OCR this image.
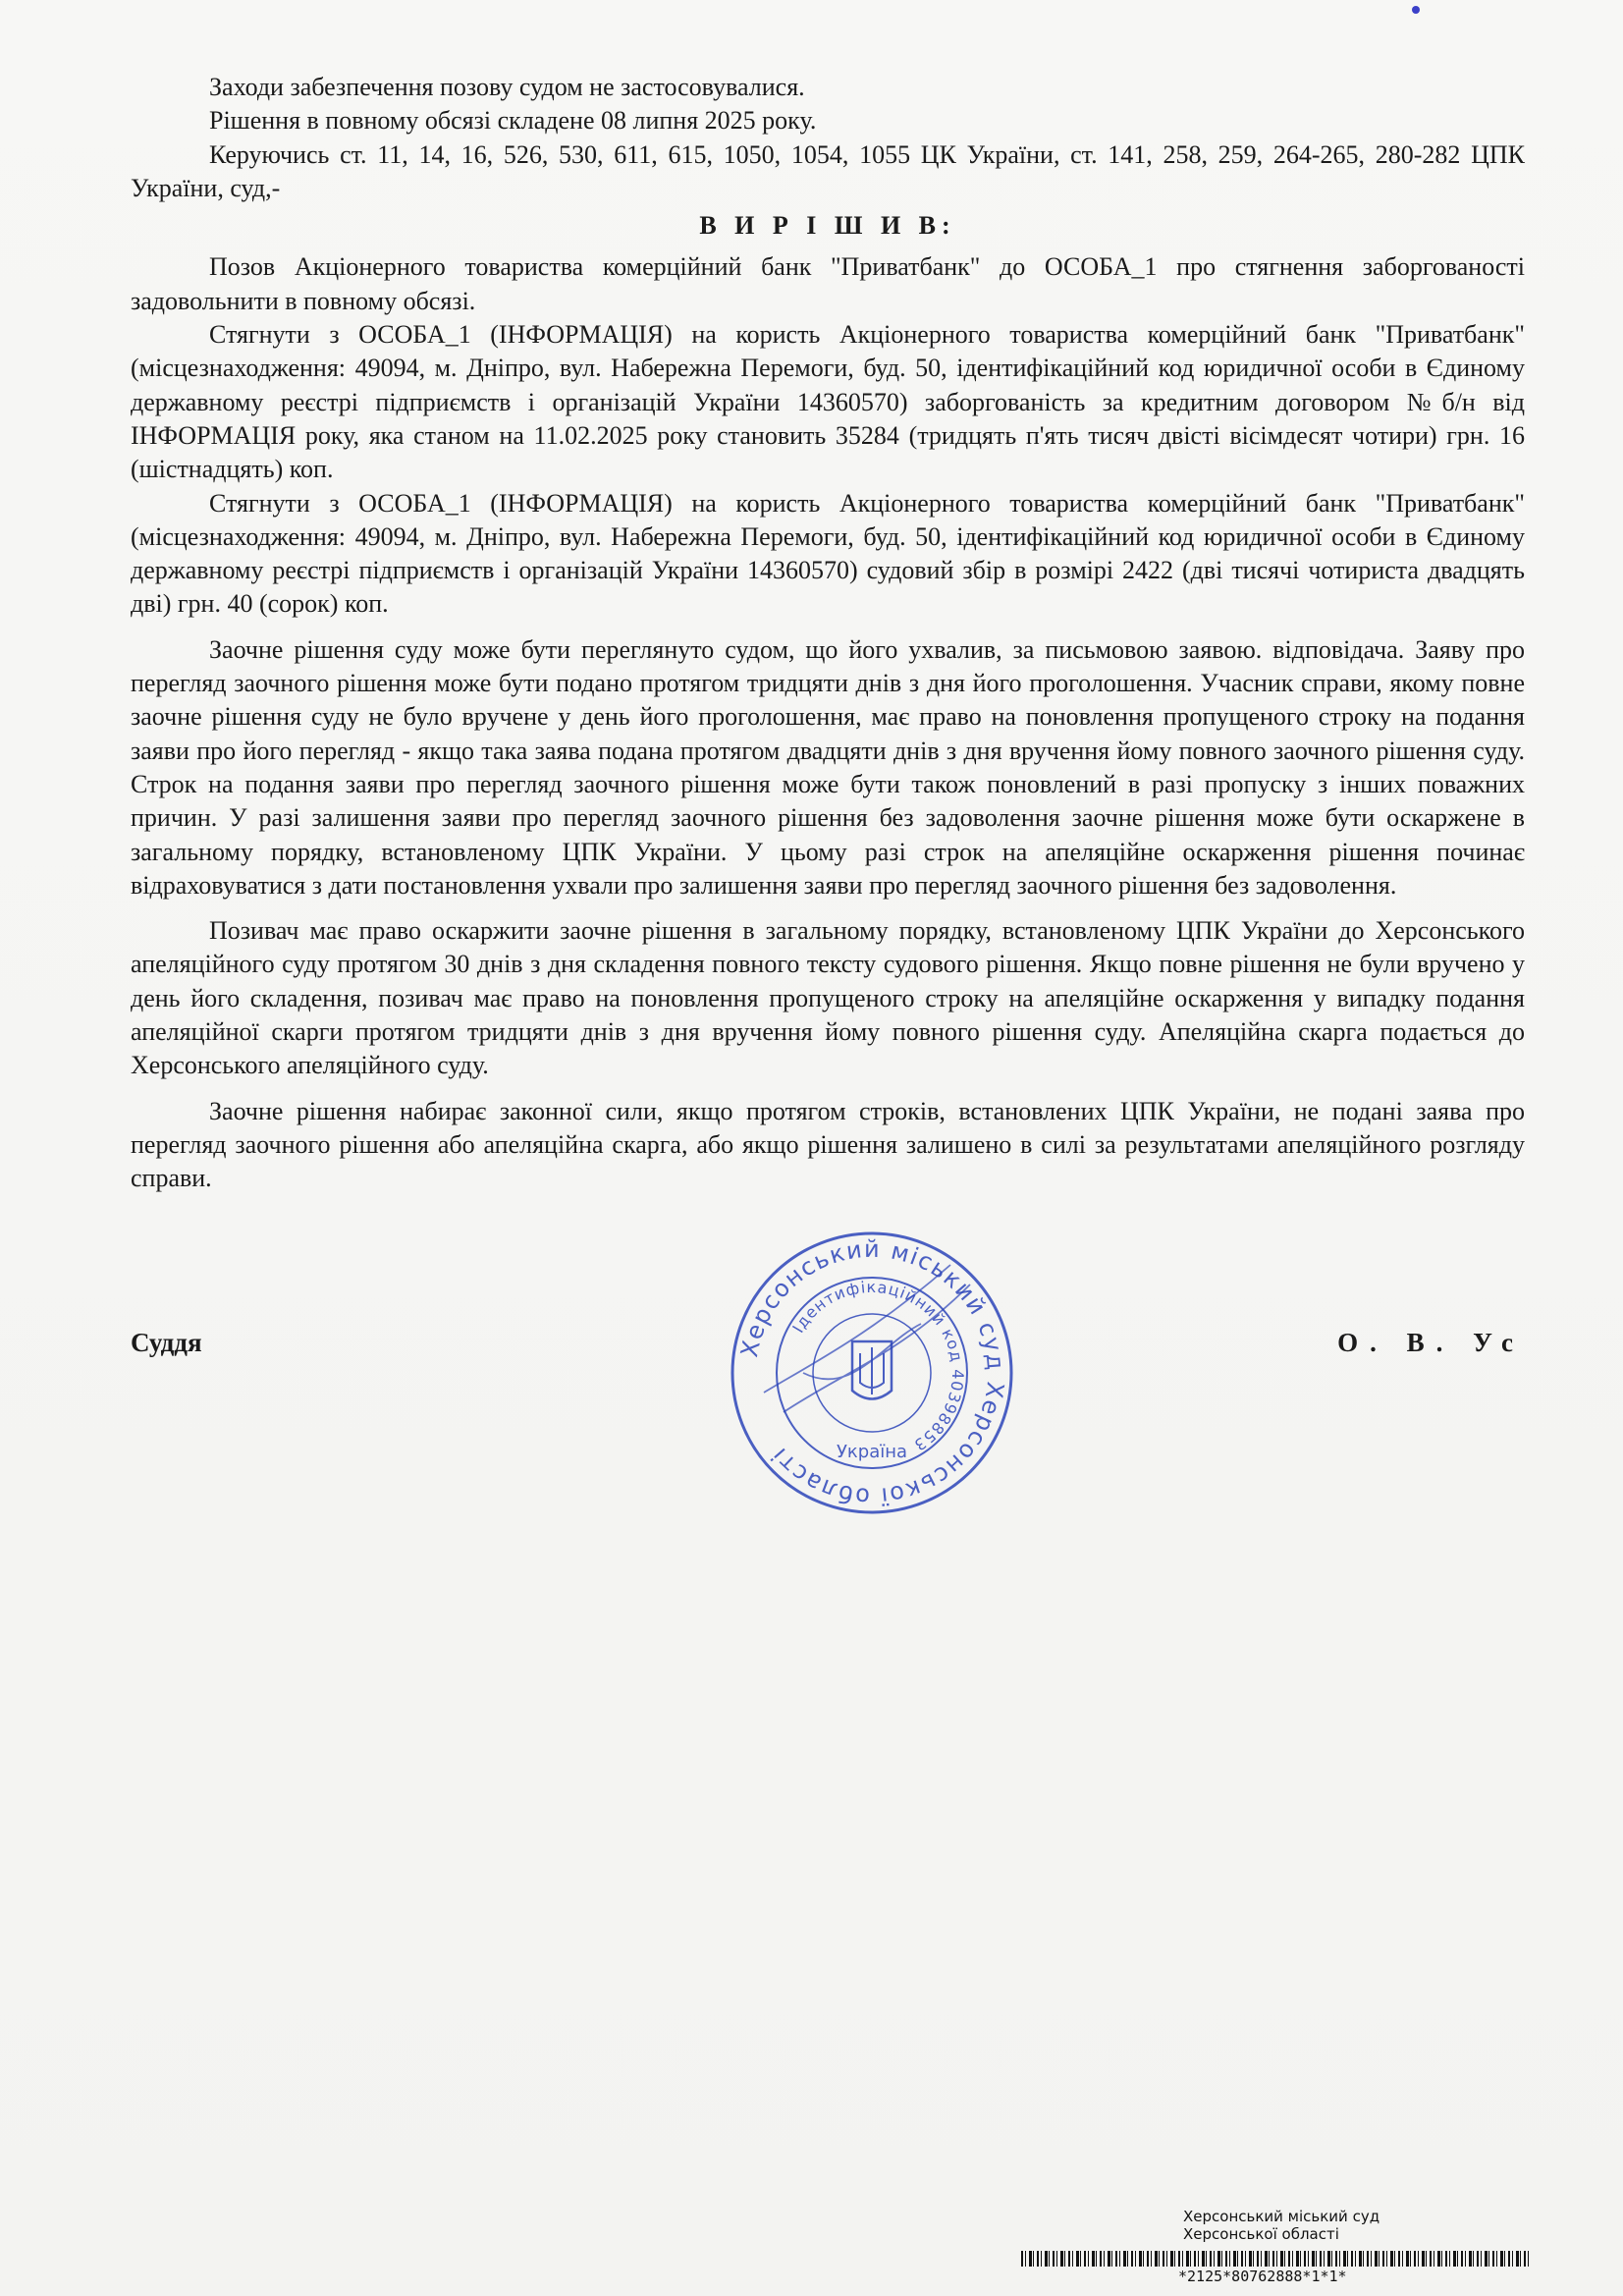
Заходи забезпечення позову судом не застосовувалися.

Рішення в повному обсязі складене 08 липня 2025 року.

Керуючись ст. 11, 14, 16, 526, 530, 611, 615, 1050, 1054, 1055 ЦК України, ст. 141, 258, 259, 264-265, 280-282 ЦПК України, суд,-

В И Р І Ш И В:

Позов Акціонерного товариства комерційний банк "Приватбанк" до ОСОБА_1 про стягнення заборгованості задовольнити в повному обсязі.

Стягнути з ОСОБА_1 (ІНФОРМАЦІЯ) на користь Акціонерного товариства комерційний банк "Приватбанк" (місцезнаходження: 49094, м. Дніпро, вул. Набережна Перемоги, буд. 50, ідентифікаційний код юридичної особи в Єдиному державному реєстрі підприємств і організацій України 14360570) заборгованість за кредитним договором №б/н від ІНФОРМАЦІЯ року, яка станом на 11.02.2025 року становить 35284 (тридцять п'ять тисяч двісті вісімдесят чотири) грн. 16 (шістнадцять) коп.

Стягнути з ОСОБА_1 (ІНФОРМАЦІЯ) на користь Акціонерного товариства комерційний банк "Приватбанк" (місцезнаходження: 49094, м. Дніпро, вул. Набережна Перемоги, буд. 50, ідентифікаційний код юридичної особи в Єдиному державному реєстрі підприємств і організацій України 14360570) судовий збір в розмірі 2422 (дві тисячі чотириста двадцять дві) грн. 40 (сорок) коп.

Заочне рішення суду може бути переглянуто судом, що його ухвалив, за письмовою заявою. відповідача. Заяву про перегляд заочного рішення може бути подано протягом тридцяти днів з дня його проголошення. Учасник справи, якому повне заочне рішення суду не було вручене у день його проголошення, має право на поновлення пропущеного строку на подання заяви про його перегляд - якщо така заява подана протягом двадцяти днів з дня вручення йому повного заочного рішення суду. Строк на подання заяви про перегляд заочного рішення може бути також поновлений в разі пропуску з інших поважних причин. У разі залишення заяви про перегляд заочного рішення без задоволення заочне рішення може бути оскаржене в загальному порядку, встановленому ЦПК України. У цьому разі строк на апеляційне оскарження рішення починає відраховуватися з дати постановлення ухвали про залишення заяви про перегляд заочного рішення без задоволення.

Позивач має право оскаржити заочне рішення в загальному порядку, встановленому ЦПК України до Херсонського апеляційного суду протягом 30 днів з дня складення повного тексту судового рішення. Якщо повне рішення не були вручено у день його складення, позивач має право на поновлення пропущеного строку на апеляційне оскарження у випадку подання апеляційної скарги протягом тридцяти днів з дня вручення йому повного рішення суду. Апеляційна скарга подається до Херсонського апеляційного суду.

Заочне рішення набирає законної сили, якщо протягом строків, встановлених ЦПК України, не подані заява про перегляд заочного рішення або апеляційна скарга, або якщо рішення залишено в силі за результатами апеляційного розгляду справи.

Суддя	О. В. Ус
Херсонський міський суд Херсонської області
Ідентифікаційний код 40398853
Україна
Херсонський міський суд
Херсонської області
*2125*80762888*1*1*
